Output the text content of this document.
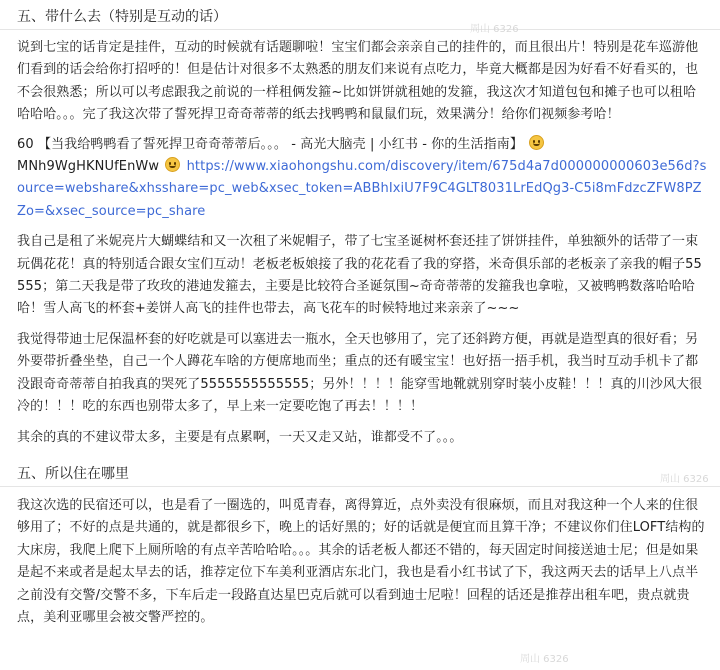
五、带什么去（特别是互动的话）

说到七宝的话肯定是挂件，互动的时候就有话题聊啦！宝宝们都会亲亲自己的挂件的，而且很出片！特别是花车巡游他们看到的话会给你打招呼的！但是估计对很多不太熟悉的朋友们来说有点吃力，毕竟大概都是因为好看不好看买的，也不会很熟悉；所以可以考虑跟我之前说的一样租俩发箍~比如饼饼就租她的发箍，我这次才知道包包和摊子也可以租哈哈哈哈。。。完了我这次带了誓死捍卫奇奇蒂蒂的纸去找鸭鸭和鼠鼠们玩，效果满分！给你们视频参考哈！

60 【当我给鸭鸭看了誓死捍卫奇奇蒂蒂后。。。 - 高光大脑壳 | 小红书 - 你的生活指南】

MNh9WgHKNUfEnWw https://www.xiaohongshu.com/discovery/item/675d4a7d000000000603e56d?source=webshare&xhsshare=pc_web&xsec_token=ABBhIxiU7F9C4GLT8031LrEdQg3-C5i8mFdzcZFW8PZZo=&xsec_source=pc_share

我自己是租了米妮亮片大蝴蝶结和又一次租了米妮帽子，带了七宝圣诞树杯套还挂了饼饼挂件，单独额外的话带了一束玩偶花花！真的特别适合跟女宝们互动！老板老板娘接了我的花花看了我的穿搭，米奇俱乐部的老板亲了亲我的帽子55555；第二天我是带了玫玫的港迪发箍去，主要是比较符合圣诞氛围~奇奇蒂蒂的发箍我也拿啦，又被鸭鸭数落哈哈哈哈！雪人高飞的杯套+姜饼人高飞的挂件也带去，高飞花车的时候特地过来亲亲了~~~

我觉得带迪士尼保温杯套的好吃就是可以塞进去一瓶水，全天也够用了，完了还斜跨方便，再就是造型真的很好看；另外要带折叠坐垫，自己一个人蹲花车啥的方便席地而坐；重点的还有暖宝宝！也好捂一捂手机，我当时互动手机卡了都没跟奇奇蒂蒂自拍我真的哭死了5555555555555；另外！！！！能穿雪地靴就别穿时装小皮鞋！！！真的川沙风大很冷的！！！吃的东西也别带太多了，早上来一定要吃饱了再去！！！！

其余的真的不建议带太多，主要是有点累啊，一天又走又站，谁都受不了。。。

五、所以住在哪里

我这次选的民宿还可以，也是看了一圈选的，叫觅青春，离得算近，点外卖没有很麻烦，而且对我这种一个人来的住很够用了；不好的点是共通的，就是都很乡下，晚上的话好黑的；好的话就是便宜而且算干净；不建议你们住LOFT结构的大床房，我爬上爬下上厕所啥的有点辛苦哈哈哈。。。其余的话老板人都还不错的，每天固定时间接送迪士尼；但是如果是起不来或者是起太早去的话，推荐定位下车美利亚酒店东北门，我也是看小红书试了下，我这两天去的话早上八点半之前没有交警/交警不多，下车后走一段路直达星巴克后就可以看到迪士尼啦！回程的话还是推荐出租车吧，贵点就贵点，美利亚哪里会被交警严控的。

周山 6326
周山 6326
周山 6326
